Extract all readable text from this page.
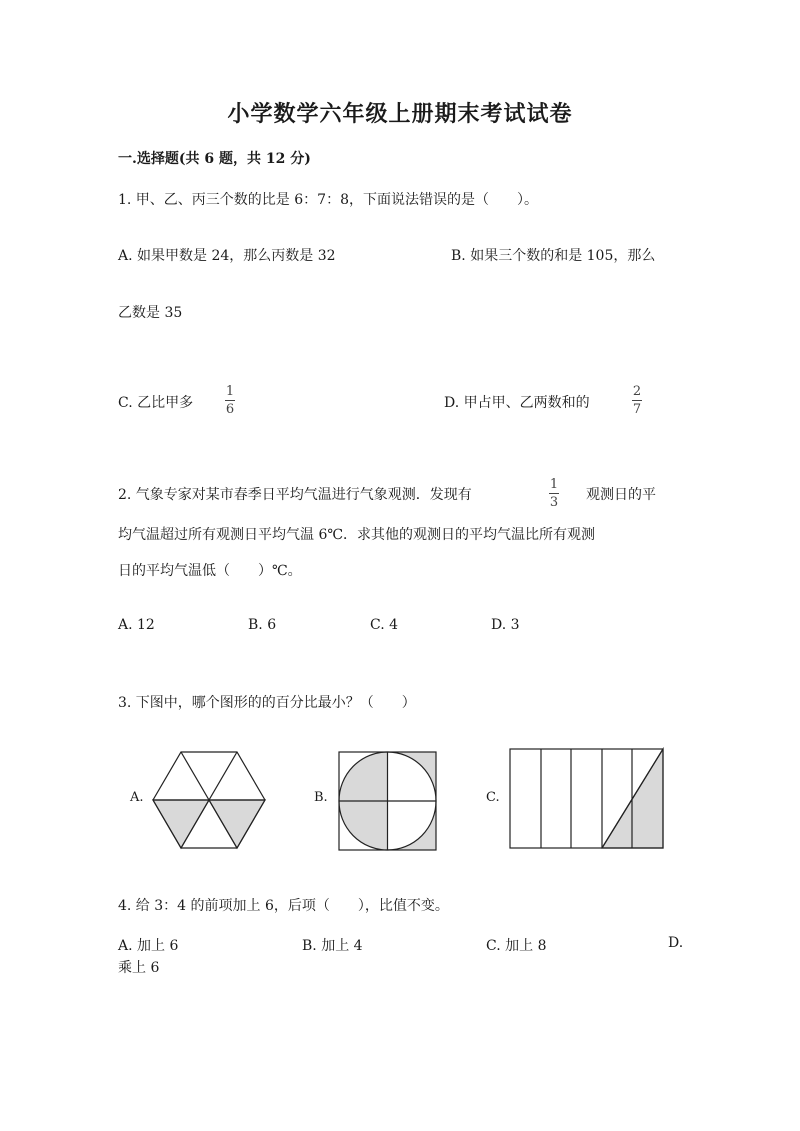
小学数学六年级上册期末考试试卷
一.选择题(共 6 题，共 12 分)
1. 甲、乙、丙三个数的比是 6：7：8，下面说法错误的是（　　）。
A. 如果甲数是 24，那么丙数是 32	B. 如果三个数的和是 105，那么
乙数是 35
C. 乙比甲多
1
6	D. 甲占甲、乙两数和的
2
7
2. 气象专家对某市春季日平均气温进行气象观测．发现有
1
3 观测日的平
均气温超过所有观测日平均气温 6℃．求其他的观测日的平均气温比所有观测
日的平均气温低（　　）℃。
A. 12	B. 6	C. 4	D. 3
3. 下图中，哪个图形的的百分比最小？（　　）
A.	B.	C.
4. 给 3：4 的前项加上 6，后项（　　），比值不变。
A. 加上 6	B. 加上 4	C. 加上 8	D.
乘上 6
